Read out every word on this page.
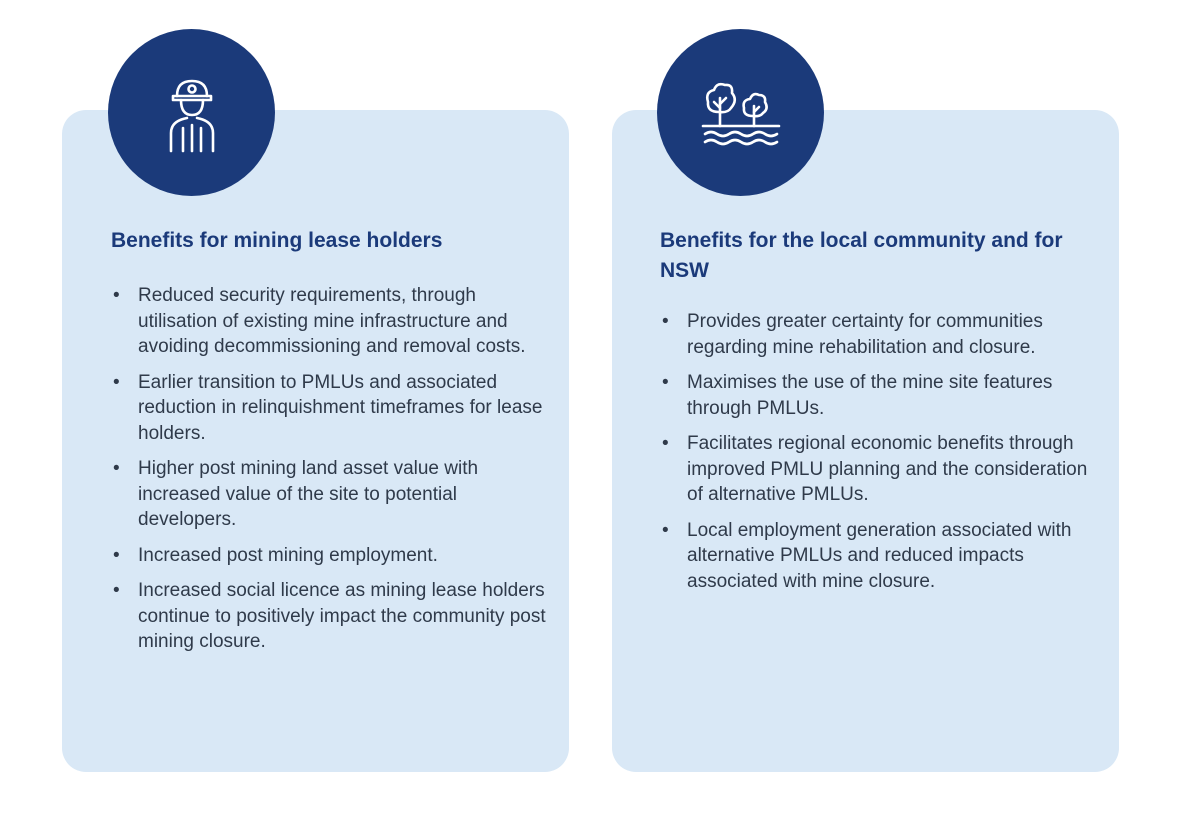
Benefits for mining lease holders
• Reduced security requirements, through utilisation of existing mine infrastructure and avoiding decommissioning and removal costs.
• Earlier transition to PMLUs and associated reduction in relinquishment timeframes for lease holders.
• Higher post mining land asset value with increased value of the site to potential developers.
• Increased post mining employment.
• Increased social licence as mining lease holders continue to positively impact the community post mining closure.
Benefits for the local community and for NSW
• Provides greater certainty for communities regarding mine rehabilitation and closure.
• Maximises the use of the mine site features through PMLUs.
• Facilitates regional economic benefits through improved PMLU planning and the consideration of alternative PMLUs.
• Local employment generation associated with alternative PMLUs and reduced impacts associated with mine closure.
